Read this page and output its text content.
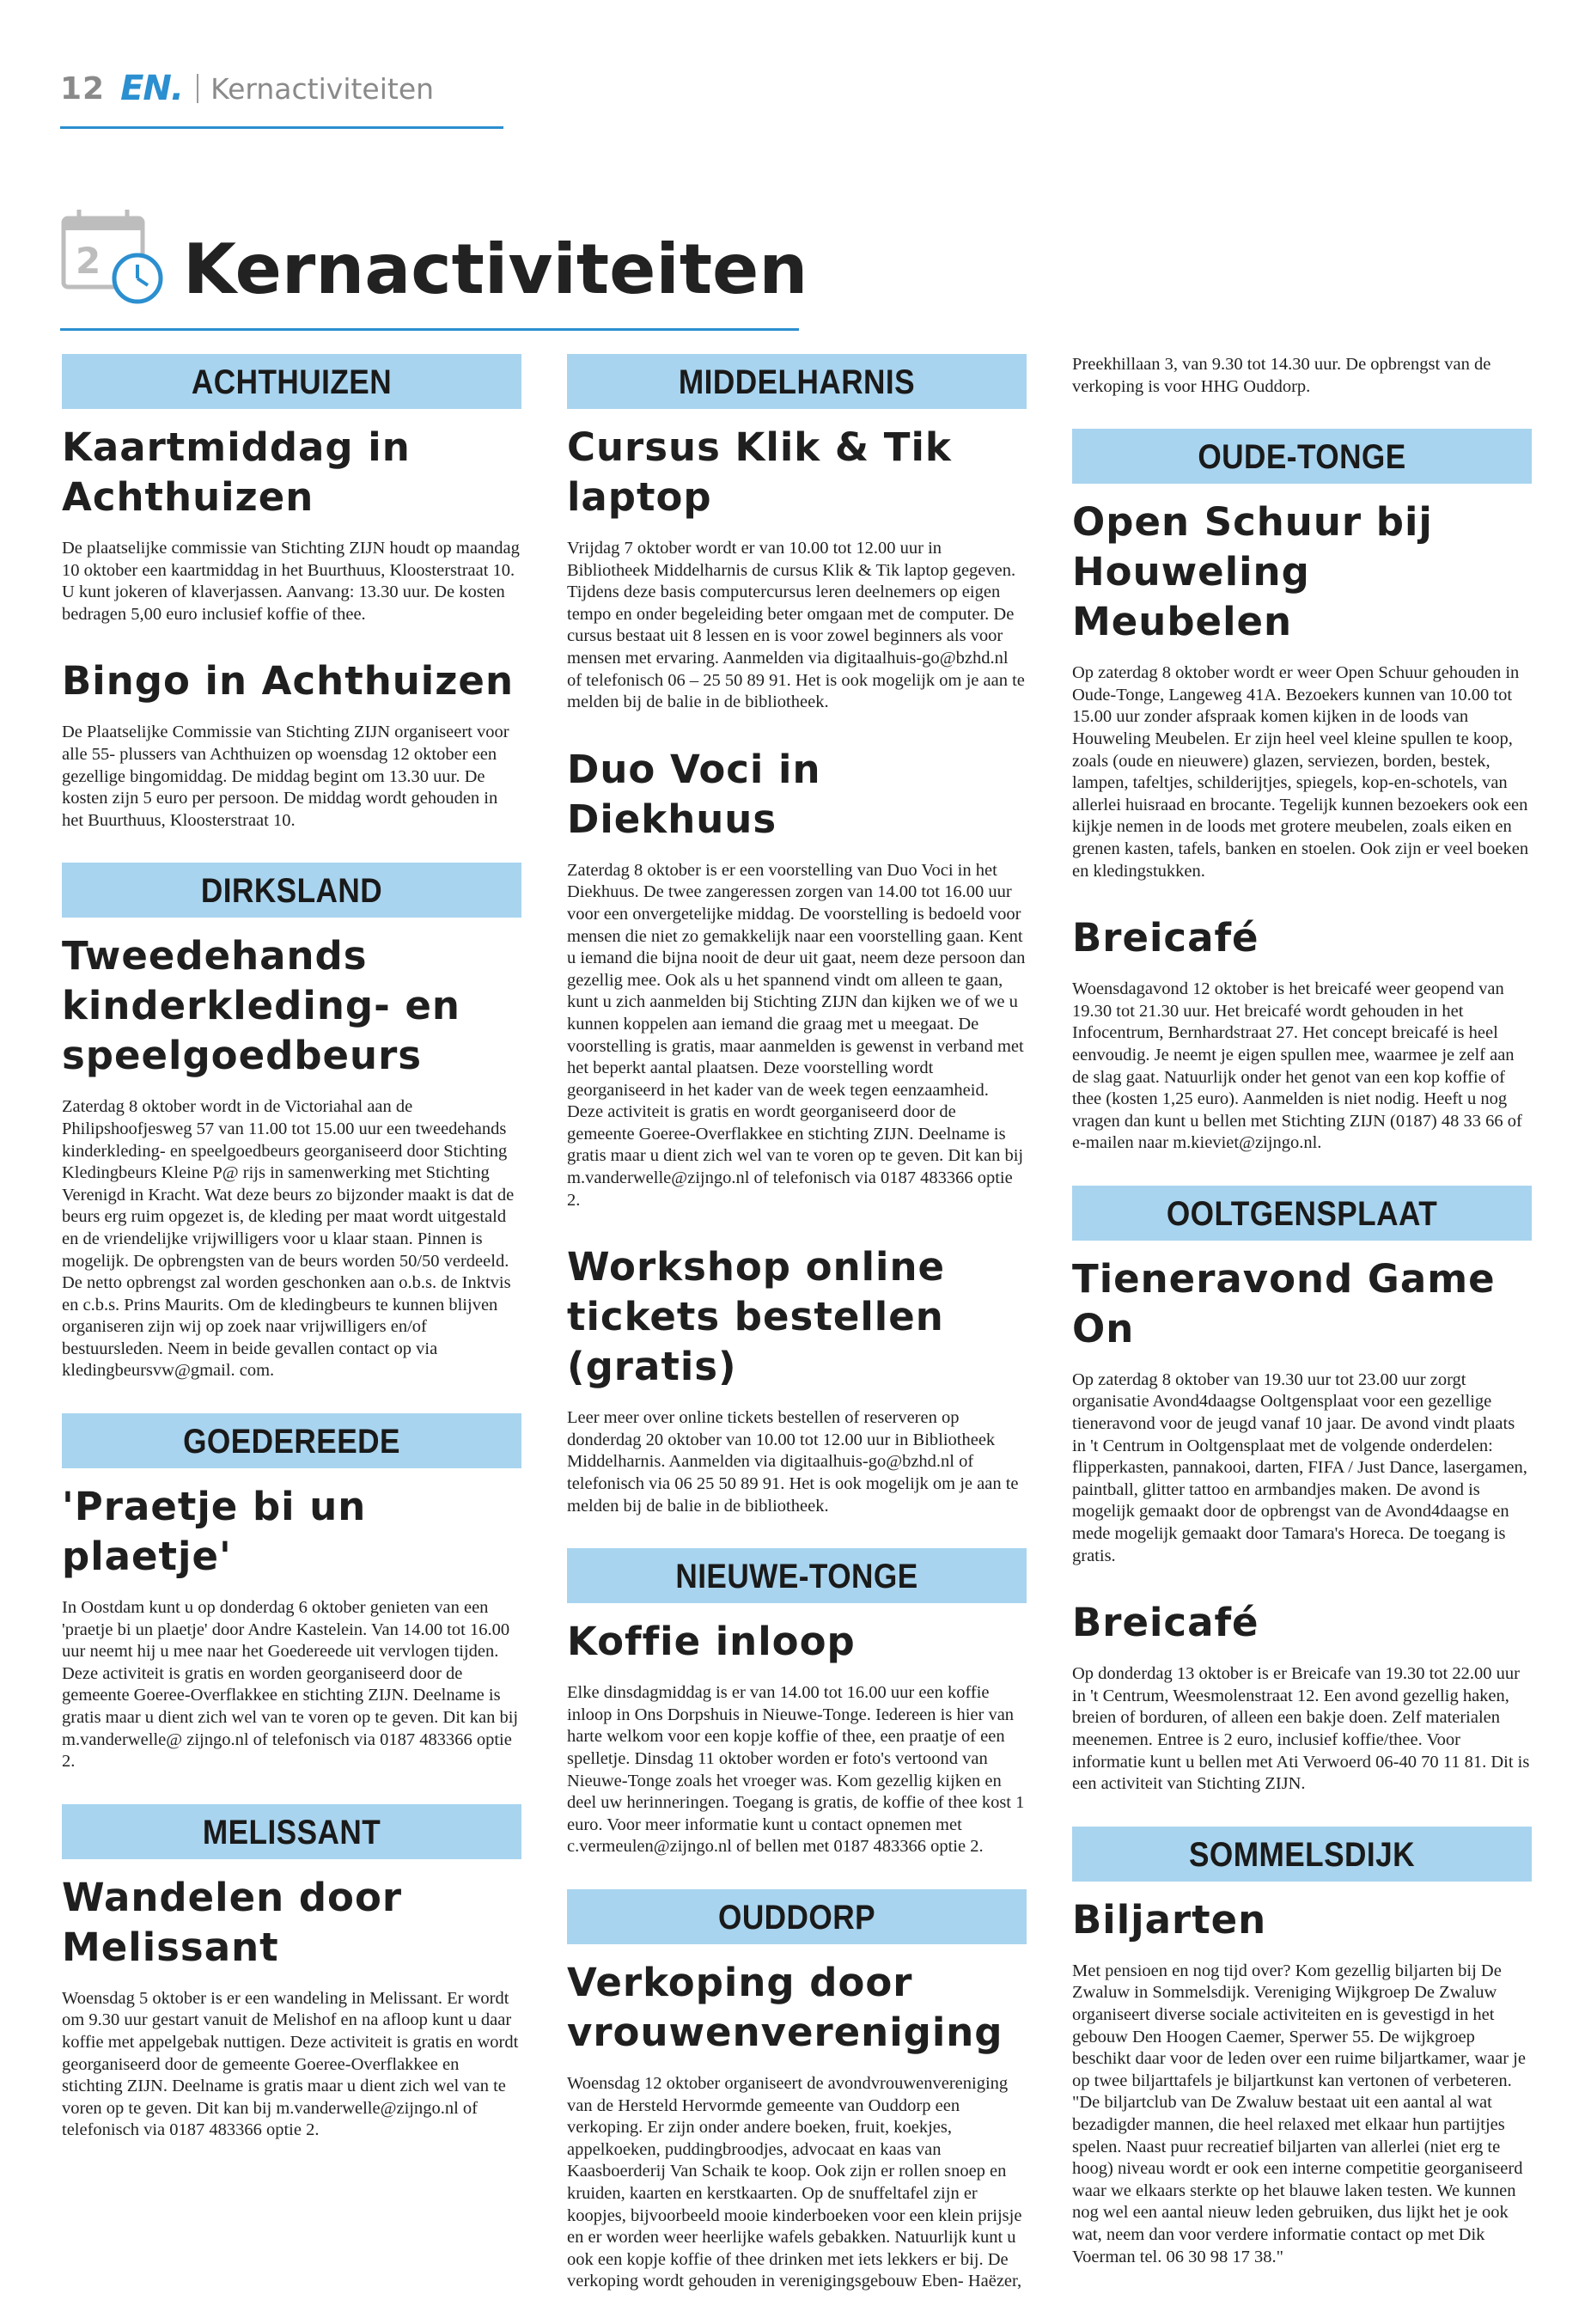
12 EN. Kernactiviteiten
2 Kernactiviteiten
ACHTHUIZEN
Kaartmiddag in Achthuizen

De plaatselijke commissie van Stichting ZIJN houdt op maandag 10 oktober een kaartmiddag in het Buurthuus, Kloosterstraat 10. U kunt jokeren of klaverjassen. Aanvang: 13.30 uur. De kosten bedragen 5,00 euro inclusief koffie of thee.

Bingo in Achthuizen

De Plaatselijke Commissie van Stichting ZIJN organiseert voor alle 55- plussers van Achthuizen op woensdag 12 oktober een gezellige bingomiddag. De middag begint om 13.30 uur. De kosten zijn 5 euro per persoon. De middag wordt gehouden in het Buurthuus, Kloosterstraat 10.

DIRKSLAND
Tweedehands kinderkleding- en speelgoedbeurs

Zaterdag 8 oktober wordt in de Victoriahal aan de Philipshoofjesweg 57 van 11.00 tot 15.00 uur een tweedehands kinderkleding- en speelgoedbeurs georganiseerd door Stichting Kledingbeurs Kleine P@ rijs in samenwerking met Stichting Verenigd in Kracht. Wat deze beurs zo bijzonder maakt is dat de beurs erg ruim opgezet is, de kleding per maat wordt uitgestald en de vriendelijke vrijwilligers voor u klaar staan. Pinnen is mogelijk. De opbrengsten van de beurs worden 50/50 verdeeld. De netto opbrengst zal worden geschonken aan o.b.s. de Inktvis en c.b.s. Prins Maurits. Om de kledingbeurs te kunnen blijven organiseren zijn wij op zoek naar vrijwilligers en/of bestuursleden. Neem in beide gevallen contact op via kledingbeursvw@gmail. com.

GOEDEREEDE
'Praetje bi un plaetje'

In Oostdam kunt u op donderdag 6 oktober genieten van een 'praetje bi un plaetje' door Andre Kastelein. Van 14.00 tot 16.00 uur neemt hij u mee naar het Goedereede uit vervlogen tijden. Deze activiteit is gratis en worden georganiseerd door de gemeente Goeree-Overflakkee en stichting ZIJN. Deelname is gratis maar u dient zich wel van te voren op te geven. Dit kan bij m.vanderwelle@ zijngo.nl of telefonisch via 0187 483366 optie 2.

MELISSANT
Wandelen door Melissant

Woensdag 5 oktober is er een wandeling in Melissant. Er wordt om 9.30 uur gestart vanuit de Melishof en na afloop kunt u daar koffie met appelgebak nuttigen. Deze activiteit is gratis en wordt georganiseerd door de gemeente Goeree-Overflakkee en stichting ZIJN. Deelname is gratis maar u dient zich wel van te voren op te geven. Dit kan bij m.vanderwelle@zijngo.nl of telefonisch via 0187 483366 optie 2.

MIDDELHARNIS
Cursus Klik & Tik laptop

Vrijdag 7 oktober wordt er van 10.00 tot 12.00 uur in Bibliotheek Middelharnis de cursus Klik & Tik laptop gegeven. Tijdens deze basis computercursus leren deelnemers op eigen tempo en onder begeleiding beter omgaan met de computer. De cursus bestaat uit 8 lessen en is voor zowel beginners als voor mensen met ervaring. Aanmelden via digitaalhuis-go@bzhd.nl of telefonisch 06 – 25 50 89 91. Het is ook mogelijk om je aan te melden bij de balie in de bibliotheek.

Duo Voci in Diekhuus

Zaterdag 8 oktober is er een voorstelling van Duo Voci in het Diekhuus. De twee zangeressen zorgen van 14.00 tot 16.00 uur voor een onvergetelijke middag. De voorstelling is bedoeld voor mensen die niet zo gemakkelijk naar een voorstelling gaan. Kent u iemand die bijna nooit de deur uit gaat, neem deze persoon dan gezellig mee. Ook als u het spannend vindt om alleen te gaan, kunt u zich aanmelden bij Stichting ZIJN dan kijken we of we u kunnen koppelen aan iemand die graag met u meegaat. De voorstelling is gratis, maar aanmelden is gewenst in verband met het beperkt aantal plaatsen. Deze voorstelling wordt georganiseerd in het kader van de week tegen eenzaamheid. Deze activiteit is gratis en wordt georganiseerd door de gemeente Goeree-Overflakkee en stichting ZIJN. Deelname is gratis maar u dient zich wel van te voren op te geven. Dit kan bij m.vanderwelle@zijngo.nl of telefonisch via 0187 483366 optie 2.

Workshop online tickets bestellen (gratis)

Leer meer over online tickets bestellen of reserveren op donderdag 20 oktober van 10.00 tot 12.00 uur in Bibliotheek Middelharnis. Aanmelden via digitaalhuis-go@bzhd.nl of telefonisch via 06 25 50 89 91. Het is ook mogelijk om je aan te melden bij de balie in de bibliotheek.

NIEUWE-TONGE
Koffie inloop

Elke dinsdagmiddag is er van 14.00 tot 16.00 uur een koffie inloop in Ons Dorpshuis in Nieuwe-Tonge. Iedereen is hier van harte welkom voor een kopje koffie of thee, een praatje of een spelletje. Dinsdag 11 oktober worden er foto's vertoond van Nieuwe-Tonge zoals het vroeger was. Kom gezellig kijken en deel uw herinneringen. Toegang is gratis, de koffie of thee kost 1 euro. Voor meer informatie kunt u contact opnemen met c.vermeulen@zijngo.nl of bellen met 0187 483366 optie 2.

OUDDORP
Verkoping door vrouwenvereniging

Woensdag 12 oktober organiseert de avondvrouwenvereniging van de Hersteld Hervormde gemeente van Ouddorp een verkoping. Er zijn onder andere boeken, fruit, koekjes, appelkoeken, puddingbroodjes, advocaat en kaas van Kaasboerderij Van Schaik te koop. Ook zijn er rollen snoep en kruiden, kaarten en kerstkaarten. Op de snuffeltafel zijn er koopjes, bijvoorbeeld mooie kinderboeken voor een klein prijsje en er worden weer heerlijke wafels gebakken. Natuurlijk kunt u ook een kopje koffie of thee drinken met iets lekkers er bij. De verkoping wordt gehouden in verenigingsgebouw Eben- Haëzer,

Preekhillaan 3, van 9.30 tot 14.30 uur. De opbrengst van de verkoping is voor HHG Ouddorp.

OUDE-TONGE
Open Schuur bij Houweling Meubelen

Op zaterdag 8 oktober wordt er weer Open Schuur gehouden in Oude-Tonge, Langeweg 41A. Bezoekers kunnen van 10.00 tot 15.00 uur zonder afspraak komen kijken in de loods van Houweling Meubelen. Er zijn heel veel kleine spullen te koop, zoals (oude en nieuwere) glazen, serviezen, borden, bestek, lampen, tafeltjes, schilderijtjes, spiegels, kop-en-schotels, van allerlei huisraad en brocante. Tegelijk kunnen bezoekers ook een kijkje nemen in de loods met grotere meubelen, zoals eiken en grenen kasten, tafels, banken en stoelen. Ook zijn er veel boeken en kledingstukken.

Breicafé

Woensdagavond 12 oktober is het breicafé weer geopend van 19.30 tot 21.30 uur. Het breicafé wordt gehouden in het Infocentrum, Bernhardstraat 27. Het concept breicafé is heel eenvoudig. Je neemt je eigen spullen mee, waarmee je zelf aan de slag gaat. Natuurlijk onder het genot van een kop koffie of thee (kosten 1,25 euro). Aanmelden is niet nodig. Heeft u nog vragen dan kunt u bellen met Stichting ZIJN (0187) 48 33 66 of e-mailen naar m.kieviet@zijngo.nl.

OOLTGENSPLAAT
Tieneravond Game On

Op zaterdag 8 oktober van 19.30 uur tot 23.00 uur zorgt organisatie Avond4daagse Ooltgensplaat voor een gezellige tieneravond voor de jeugd vanaf 10 jaar. De avond vindt plaats in 't Centrum in Ooltgensplaat met de volgende onderdelen: flipperkasten, pannakooi, darten, FIFA / Just Dance, lasergamen, paintball, glitter tattoo en armbandjes maken. De avond is mogelijk gemaakt door de opbrengst van de Avond4daagse en mede mogelijk gemaakt door Tamara's Horeca. De toegang is gratis.

Breicafé

Op donderdag 13 oktober is er Breicafe van 19.30 tot 22.00 uur in 't Centrum, Weesmolenstraat 12. Een avond gezellig haken, breien of borduren, of alleen een bakje doen. Zelf materialen meenemen. Entree is 2 euro, inclusief koffie/thee. Voor informatie kunt u bellen met Ati Verwoerd 06-40 70 11 81. Dit is een activiteit van Stichting ZIJN.

SOMMELSDIJK
Biljarten

Met pensioen en nog tijd over? Kom gezellig biljarten bij De Zwaluw in Sommelsdijk. Vereniging Wijkgroep De Zwaluw organiseert diverse sociale activiteiten en is gevestigd in het gebouw Den Hoogen Caemer, Sperwer 55. De wijkgroep beschikt daar voor de leden over een ruime biljartkamer, waar je op twee biljarttafels je biljartkunst kan vertonen of verbeteren. "De biljartclub van De Zwaluw bestaat uit een aantal al wat bezadigder mannen, die heel relaxed met elkaar hun partijtjes spelen. Naast puur recreatief biljarten van allerlei (niet erg te hoog) niveau wordt er ook een interne competitie georganiseerd waar we elkaars sterkte op het blauwe laken testen. We kunnen nog wel een aantal nieuw leden gebruiken, dus lijkt het je ook wat, neem dan voor verdere informatie contact op met Dik Voerman tel. 06 30 98 17 38."
